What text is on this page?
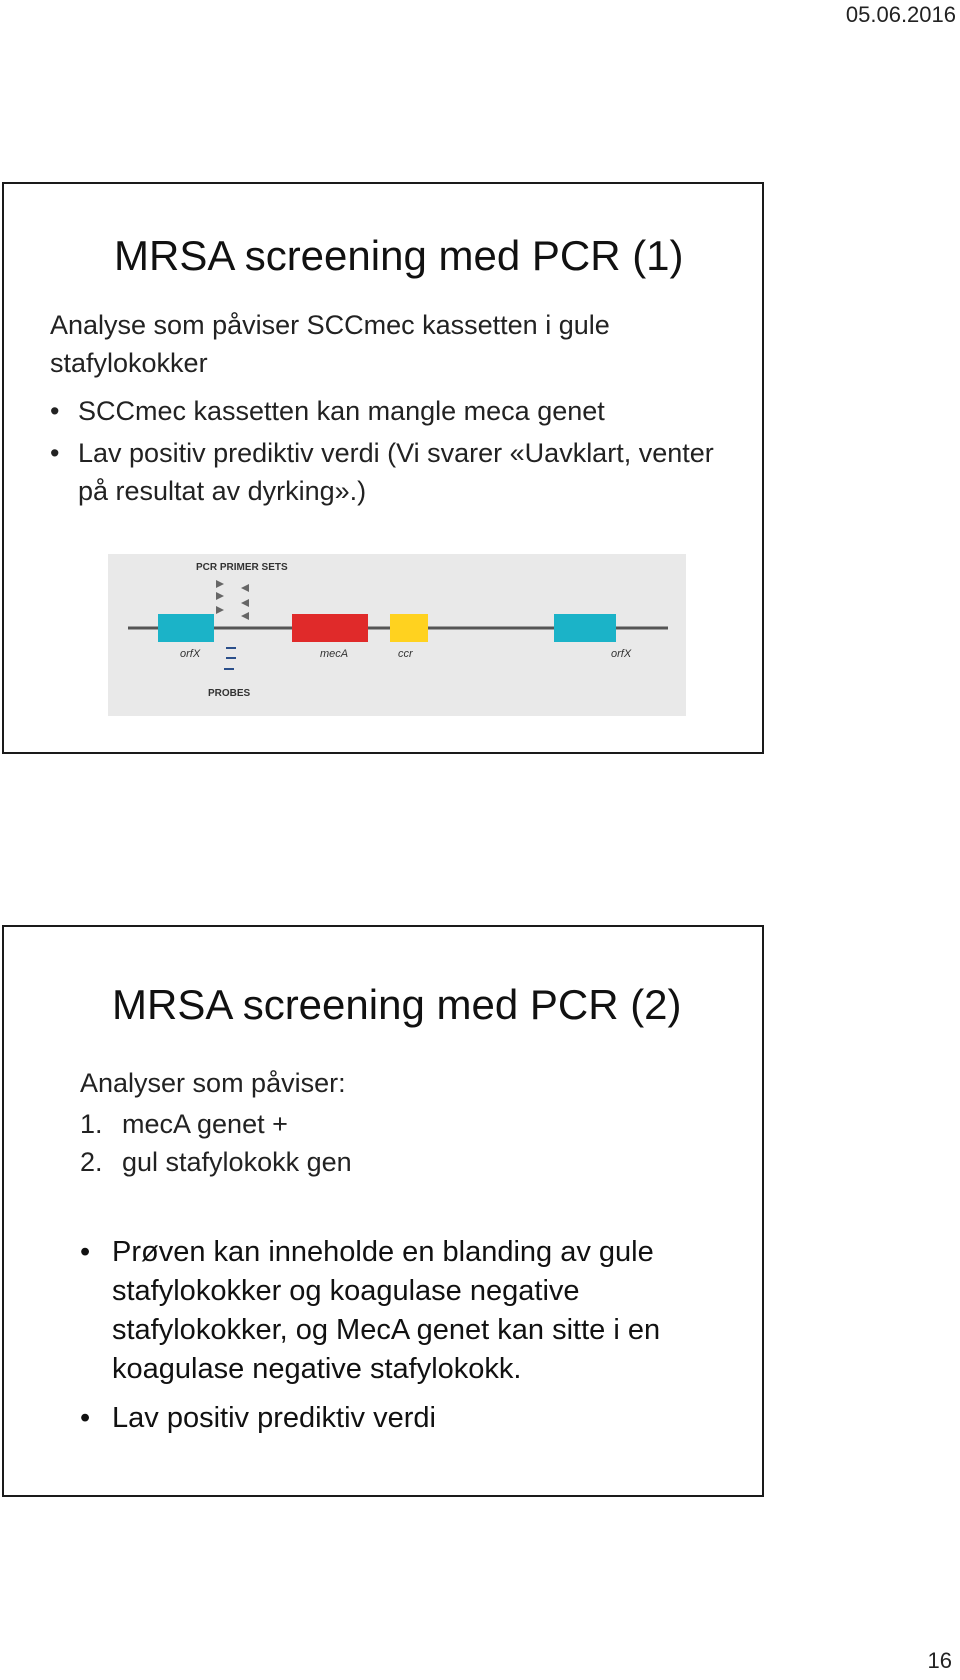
05.06.2016
MRSA screening med PCR (1)
Analyse som påviser SCCmec kassetten i gule stafylokokker
• SCCmec kassetten kan mangle meca genet
• Lav positiv prediktiv verdi (Vi svarer «Uavklart, venter på resultat av dyrking».)
PCR PRIMER SETS
orfX	mecA	ccr	orfX
PROBES
MRSA screening med PCR (2)
Analyser som påviser:
1. mecA genet +
2. gul stafylokokk gen
• Prøven kan inneholde en blanding av gule stafylokokker og koagulase negative stafylokokker, og MecA genet kan sitte i en koagulase negative stafylokokk.
• Lav positiv prediktiv verdi
16
